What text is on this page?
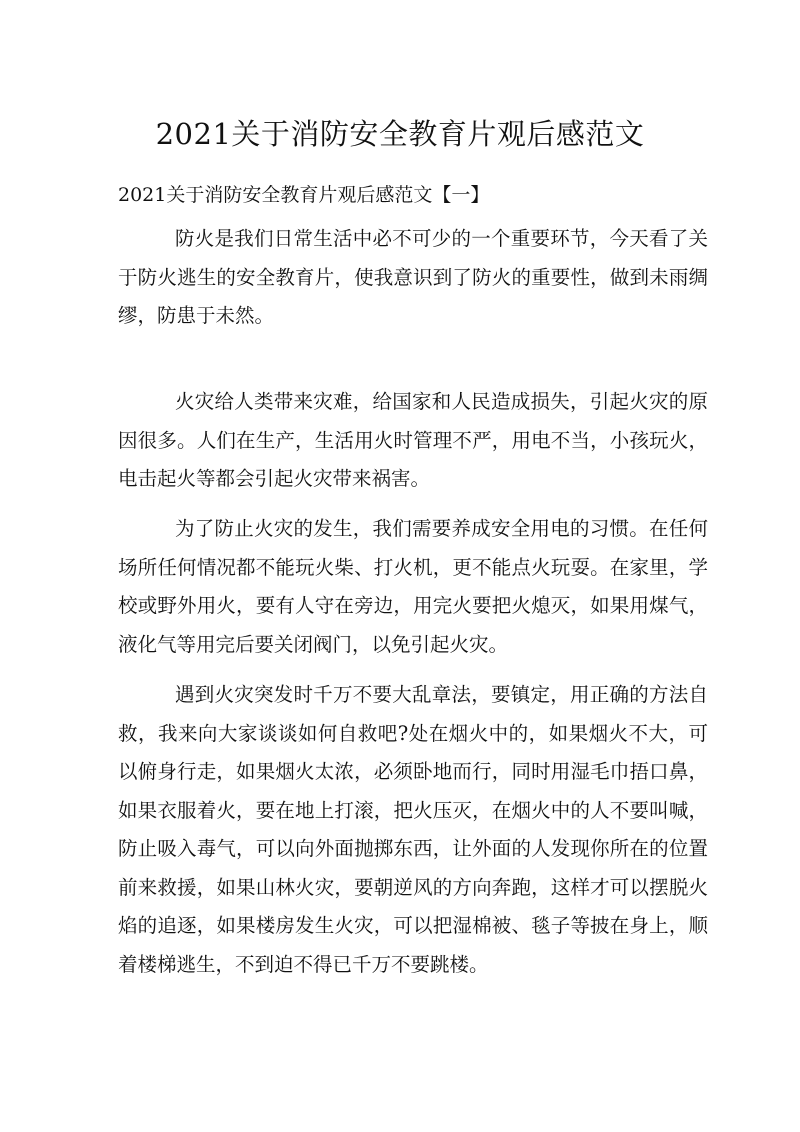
2021关于消防安全教育片观后感范文
2021关于消防安全教育片观后感范文【一】

防火是我们日常生活中必不可少的一个重要环节，今天看了关于防火逃生的安全教育片，使我意识到了防火的重要性，做到未雨绸缪，防患于未然。

火灾给人类带来灾难，给国家和人民造成损失，引起火灾的原因很多。人们在生产，生活用火时管理不严，用电不当，小孩玩火，电击起火等都会引起火灾带来祸害。

为了防止火灾的发生，我们需要养成安全用电的习惯。在任何场所任何情况都不能玩火柴、打火机，更不能点火玩耍。在家里，学校或野外用火，要有人守在旁边，用完火要把火熄灭，如果用煤气，液化气等用完后要关闭阀门，以免引起火灾。

遇到火灾突发时千万不要大乱章法，要镇定，用正确的方法自救，我来向大家谈谈如何自救吧?处在烟火中的，如果烟火不大，可以俯身行走，如果烟火太浓，必须卧地而行，同时用湿毛巾捂口鼻，如果衣服着火，要在地上打滚，把火压灭，在烟火中的人不要叫喊，防止吸入毒气，可以向外面抛掷东西，让外面的人发现你所在的位置前来救援，如果山林火灾，要朝逆风的方向奔跑，这样才可以摆脱火焰的追逐，如果楼房发生火灾，可以把湿棉被、毯子等披在身上，顺着楼梯逃生，不到迫不得已千万不要跳楼。
